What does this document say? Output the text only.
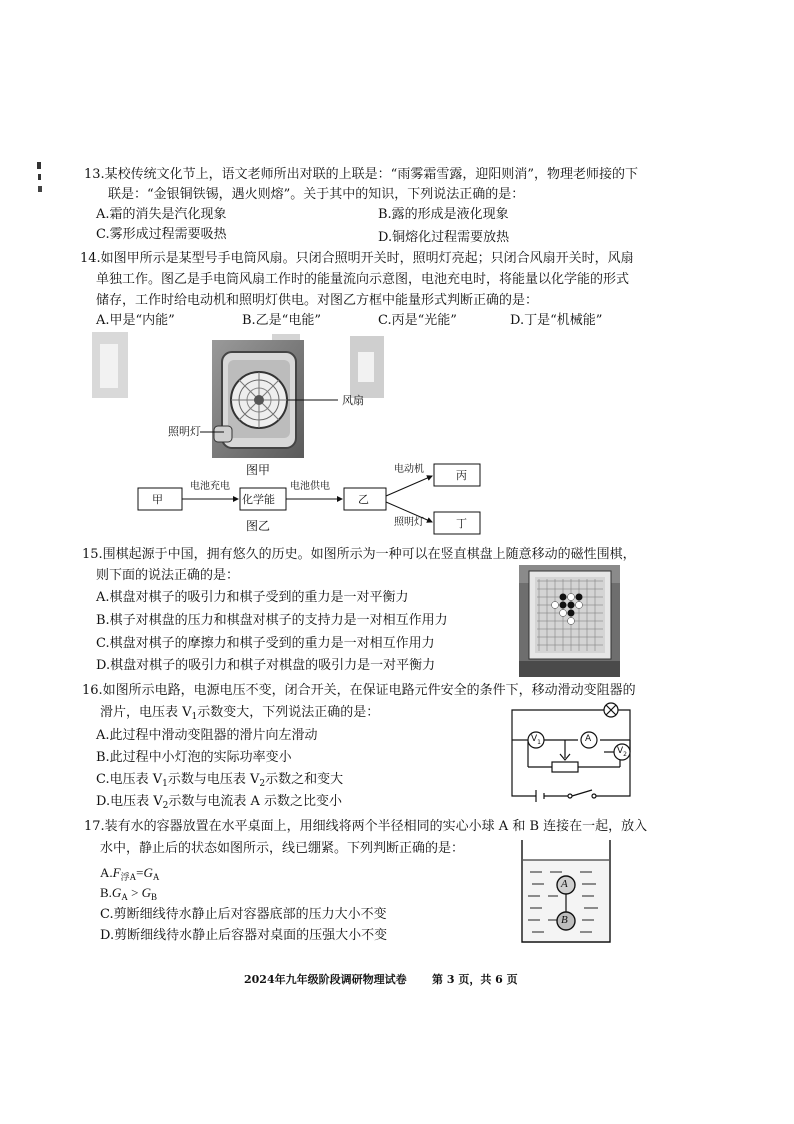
13.某校传统文化节上，语文老师所出对联的上联是：“雨雾霜雪露，迎阳则消”，物理老师接的下
联是：“金银铜铁锡，遇火则熔”。关于其中的知识，下列说法正确的是：
A.霜的消失是汽化现象	B.露的形成是液化现象
C.雾形成过程需要吸热	D.铜熔化过程需要放热
14.如图甲所示是某型号手电筒风扇。只闭合照明开关时，照明灯亮起；只闭合风扇开关时，风扇
单独工作。图乙是手电筒风扇工作时的能量流向示意图，电池充电时，将能量以化学能的形式
储存，工作时给电动机和照明灯供电。对图乙方框中能量形式判断正确的是：
A.甲是“内能”	B.乙是“电能”	C.丙是“光能”	D.丁是“机械能”
风扇
照明灯
图甲
甲	化学能	乙
丙
丁
电池充电	电池供电
电动机
照明灯
图乙
15.围棋起源于中国，拥有悠久的历史。如图所示为一种可以在竖直棋盘上随意移动的磁性围棋，
则下面的说法正确的是：
A.棋盘对棋子的吸引力和棋子受到的重力是一对平衡力
B.棋子对棋盘的压力和棋盘对棋子的支持力是一对相互作用力
C.棋盘对棋子的摩擦力和棋子受到的重力是一对相互作用力
D.棋盘对棋子的吸引力和棋子对棋盘的吸引力是一对平衡力
16.如图所示电路，电源电压不变，闭合开关，在保证电路元件安全的条件下，移动滑动变阻器的
滑片，电压表 $V_1$示数变大，下列说法正确的是：
A.此过程中滑动变阻器的滑片向左滑动
B.此过程中小灯泡的实际功率变小
C.电压表 $V_1$示数与电压表 $V_2$示数之和变大
D.电压表 $V_2$示数与电流表 A 示数之比变小
$V_1$	A
$V_2$
17.装有水的容器放置在水平桌面上，用细线将两个半径相同的实心小球 A 和 B 连接在一起，放入
水中，静止后的状态如图所示，线已绷紧。下列判断正确的是：
$A.F_{浮A}=G_A$
$B.G_A > G_B$
C.剪断细线待水静止后对容器底部的压力大小不变
D.剪断细线待水静止后容器对桌面的压强大小不变
A
B
2024年九年级阶段调研物理试卷 第 3 页，共 6 页
